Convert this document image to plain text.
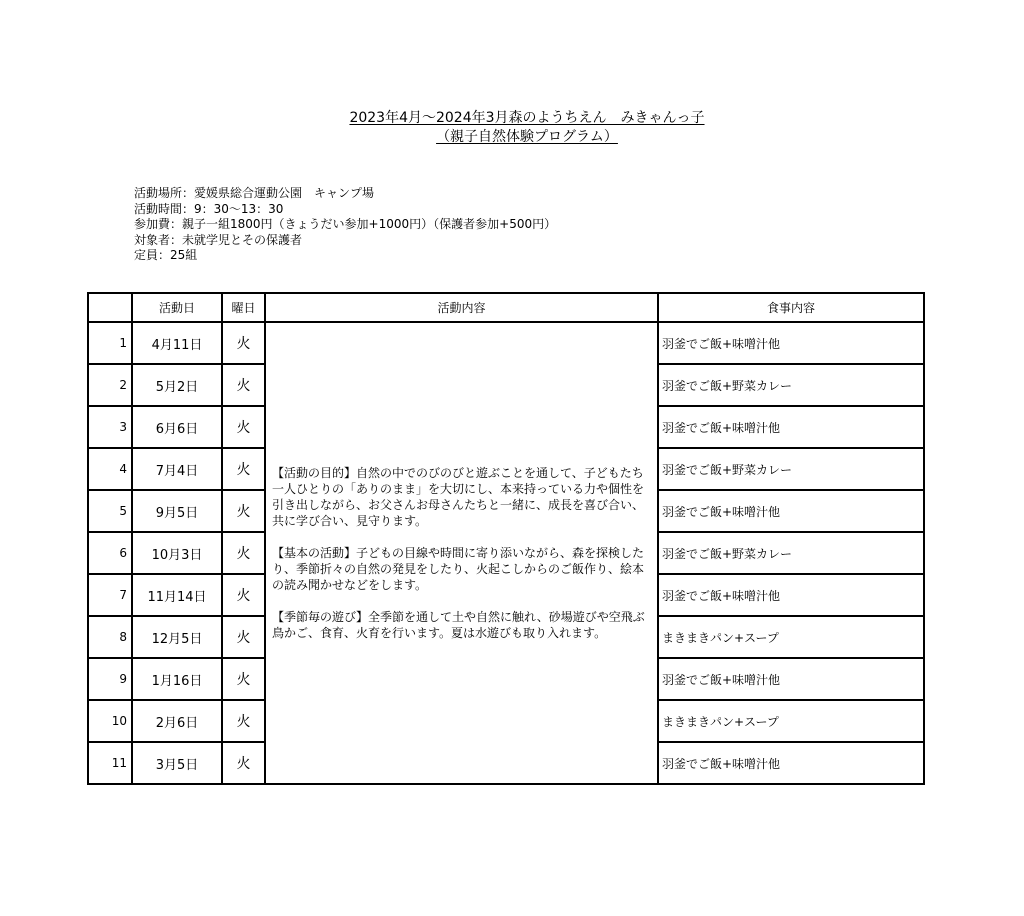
2023年4月～2024年3月森のようちえん　みきゃんっ子
（親子自然体験プログラム）
活動場所：愛媛県総合運動公園　キャンプ場
活動時間：9：30～13：30
参加費：親子一組1800円（きょうだい参加+1000円）（保護者参加+500円）
対象者：未就学児とその保護者
定員：25組
	活動日	曜日	活動内容	食事内容
1	4月11日	火	【活動の目的】自然の中でのびのびと遊ぶことを通して、子どもたち一人ひとりの「ありのまま」を大切にし、本来持っている力や個性を引き出しながら、お父さんお母さんたちと一緒に、成長を喜び合い、共に学び合い、見守ります。

【基本の活動】子どもの目線や時間に寄り添いながら、森を探検したり、季節折々の自然の発見をしたり、火起こしからのご飯作り、絵本の読み聞かせなどをします。

【季節毎の遊び】全季節を通して土や自然に触れ、砂場遊びや空飛ぶ鳥かご、食育、火育を行います。夏は水遊びも取り入れます。	羽釜でご飯+味噌汁他
2	5月2日	火		羽釜でご飯+野菜カレー
3	6月6日	火		羽釜でご飯+味噌汁他
4	7月4日	火		羽釜でご飯+野菜カレー
5	9月5日	火		羽釜でご飯+味噌汁他
6	10月3日	火		羽釜でご飯+野菜カレー
7	11月14日	火		羽釜でご飯+味噌汁他
8	12月5日	火		まきまきパン+スープ
9	1月16日	火		羽釜でご飯+味噌汁他
10	2月6日	火		まきまきパン+スープ
11	3月5日	火		羽釜でご飯+味噌汁他
